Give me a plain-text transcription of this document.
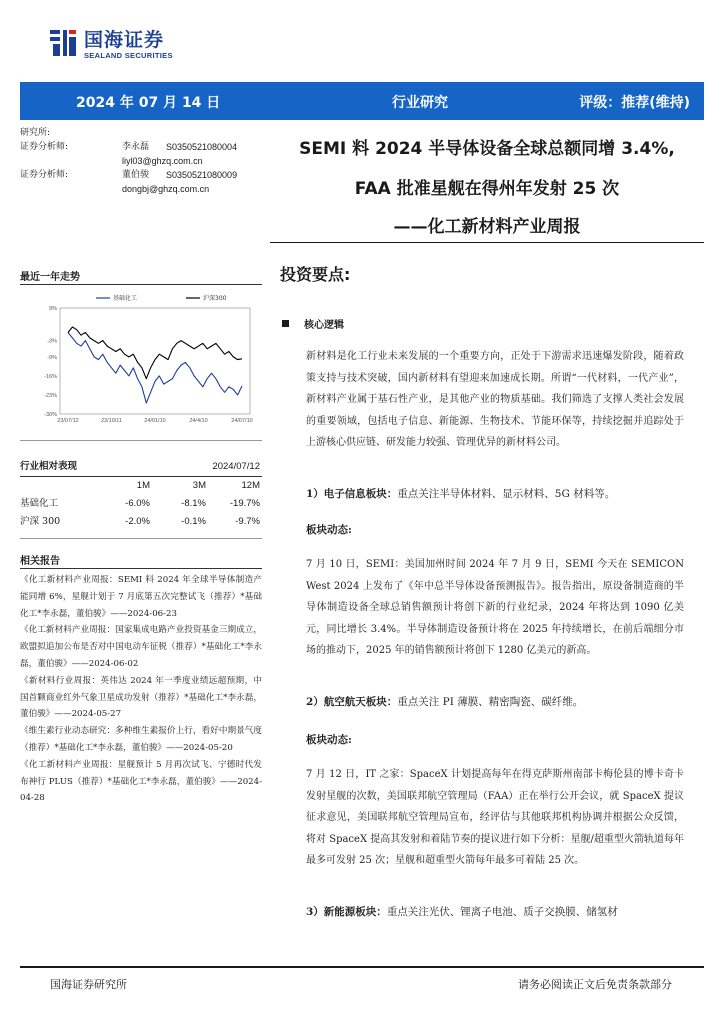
国海证券
SEALAND SECURITIES
2024 年 07 月 14 日	行业研究	评级：推荐(维持)
研究所:
证券分析师:	李永磊 S0350521080004
liyl03@ghzq.com.cn
证券分析师:	董伯骏 S0350521080009
dongbj@ghzq.com.cn
SEMI 料 2024 半导体设备全球总额同增 3.4%,
FAA 批准星舰在得州年发射 25 次
——化工新材料产业周报
最近一年走势
9%
-3%
-9%
-16%
-23%
-30%
23/07/12	23/10/11	24/01/10	24/4/10	24/07/10
基础化工	沪深300
行业相对表现	2024/07/12
1M	3M	12M
基础化工	-6.0%	-8.1%	-19.7%
沪深 300	-2.0%	-0.1%	-9.7%
相关报告

《化工新材料产业周报：SEMI 料 2024 年全球半导体制造产能同增 6%，星舰计划于 7 月底第五次完整试飞（推荐）*基础化工*李永磊，董伯骏》——2024-06-23

《化工新材料产业周报：国家集成电路产业投资基金三期成立，欧盟拟追加公布是否对中国电动车征税（推荐）*基础化工*李永磊，董伯骏》——2024-06-02

《新材料行业周报：英伟达 2024 年一季度业绩远超预期，中国首颗商业红外气象卫星成功发射（推荐）*基础化工*李永磊，董伯骏》——2024-05-27

《维生素行业动态研究：多种维生素报价上行，看好中期景气度（推荐）*基础化工*李永磊，董伯骏》——2024-05-20

《化工新材料产业周报：星舰预计 5 月再次试飞、宁德时代发布神行 PLUS（推荐）*基础化工*李永磊，董伯骏》——2024-04-28

投资要点:
核心逻辑
新材料是化工行业未来发展的一个重要方向，正处于下游需求迅速爆发阶段，随着政策支持与技术突破，国内新材料有望迎来加速成长期。所谓“一代材料，一代产业”，新材料产业属于基石性产业，是其他产业的物质基础。我们筛选了支撑人类社会发展的重要领域，包括电子信息、新能源、生物技术、节能环保等，持续挖掘并追踪处于上游核心供应链、研发能力较强、管理优异的新材料公司。
1）电子信息板块：重点关注半导体材料、显示材料、5G 材料等。
板块动态:
7 月 10 日，SEMI：美国加州时间 2024 年 7 月 9 日，SEMI 今天在 SEMICON West 2024 上发布了《年中总半导体设备预测报告》。报告指出，原设备制造商的半导体制造设备全球总销售额预计将创下新的行业纪录，2024 年将达到 1090 亿美元，同比增长 3.4%。半导体制造设备预计将在 2025 年持续增长，在前后端细分市场的推动下，2025 年的销售额预计将创下 1280 亿美元的新高。
2）航空航天板块：重点关注 PI 薄膜、精密陶瓷、碳纤维。
板块动态:
7 月 12 日，IT 之家：SpaceX 计划提高每年在得克萨斯州南部卡梅伦县的博卡奇卡发射星舰的次数，美国联邦航空管理局（FAA）正在举行公开会议，就 SpaceX 提议征求意见，美国联邦航空管理局宣布，经评估与其他联邦机构协调并根据公众反馈，将对 SpaceX 提高其发射和着陆节奏的提议进行如下分析：星舰/超重型火箭轨道每年最多可发射 25 次；星舰和超重型火箭每年最多可着陆 25 次。
3）新能源板块：重点关注光伏、锂离子电池、质子交换膜、储氢材
国海证券研究所	请务必阅读正文后免责条款部分
